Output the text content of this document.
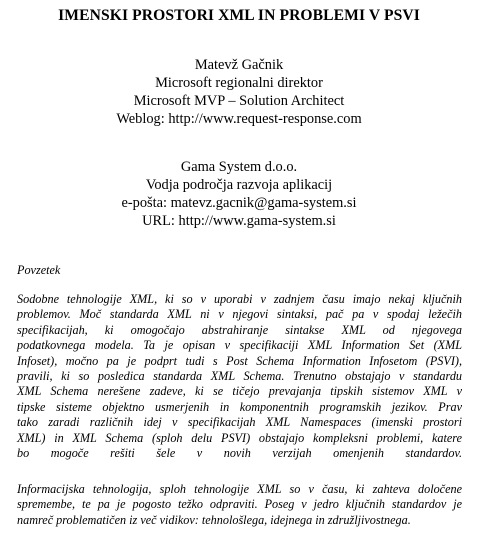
IMENSKI PROSTORI XML IN PROBLEMI V PSVI
Matevž Gačnik
Microsoft regionalni direktor
Microsoft MVP – Solution Architect
Weblog: http://www.request-response.com
Gama System d.o.o.
Vodja področja razvoja aplikacij
e-pošta: matevz.gacnik@gama-system.si
URL: http://www.gama-system.si

Povzetek

Sodobne tehnologije XML, ki so v uporabi v zadnjem času imajo nekaj ključnih
problemov. Moč standarda XML ni v njegovi sintaksi, pač pa v spodaj ležečih
specifikacijah, ki omogočajo abstrahiranje sintakse XML od njegovega
podatkovnega modela. Ta je opisan v specifikaciji XML Information Set (XML
Infoset), močno pa je podprt tudi s Post Schema Information Infosetom (PSVI),
pravili, ki so posledica standarda XML Schema. Trenutno obstajajo v standardu
XML Schema nerešene zadeve, ki se tičejo prevajanja tipskih sistemov XML v
tipske sisteme objektno usmerjenih in komponentnih programskih jezikov. Prav
tako zaradi različnih idej v specifikacijah XML Namespaces (imenski prostori
XML) in XML Schema (sploh delu PSVI) obstajajo kompleksni problemi, katere
bo mogoče rešiti šele v novih verzijah omenjenih standardov.
Informacijska tehnologija, sploh tehnologije XML so v času, ki zahteva določene
spremembe, te pa je pogosto težko odpraviti. Poseg v jedro ključnih standardov je
namreč problematičen iz več vidikov: tehnološlega, idejnega in združljivostnega.
